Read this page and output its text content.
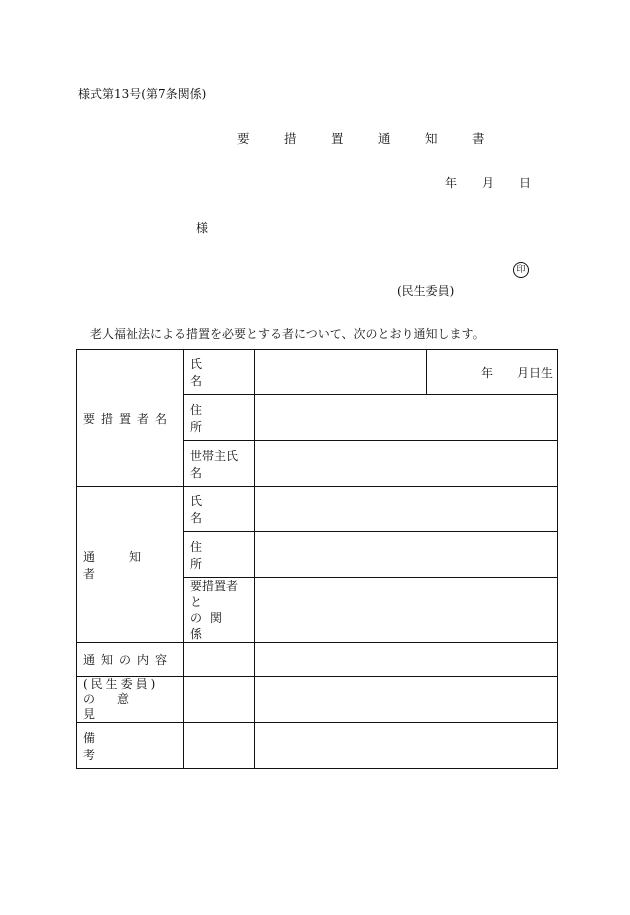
様式第13号(第7条関係)
要　措　置　通　知　書
年 月 日
様
印
(民生委員)
老人福祉法による措置を必要とする者について、次のとおり通知します。
要措置者名	氏名		年 月日生
	住所		
	世帯主氏名		
通知者	氏名		
	住所		

	要措置者と
の関係		

通知の内容			

(民生委員)
の意見			

備考			
